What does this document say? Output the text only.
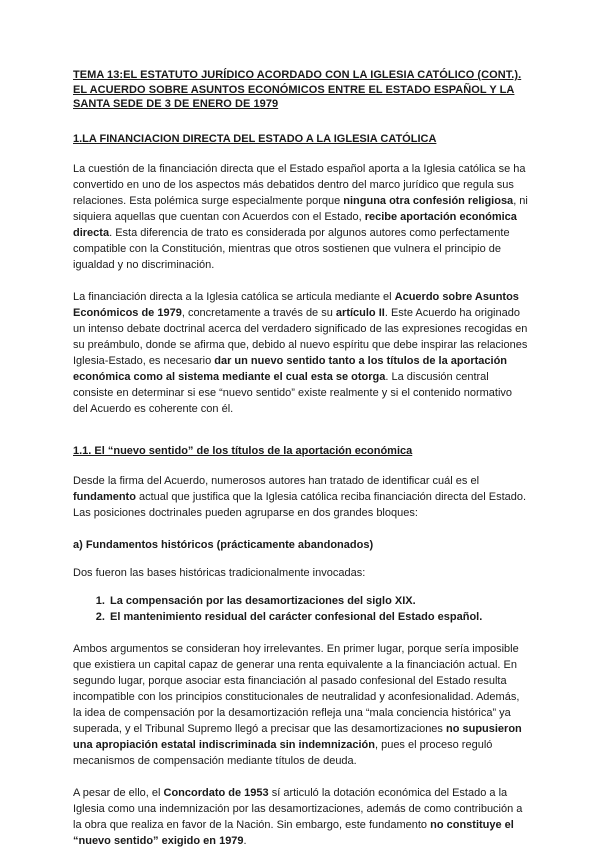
TEMA 13:EL ESTATUTO JURÍDICO ACORDADO CON LA IGLESIA CATÓLICO (CONT.). EL ACUERDO SOBRE ASUNTOS ECONÓMICOS ENTRE EL ESTADO ESPAÑOL Y LA SANTA SEDE DE 3 DE ENERO DE 1979
1.LA FINANCIACION DIRECTA DEL ESTADO A LA IGLESIA CATÓLICA

La cuestión de la financiación directa que el Estado español aporta a la Iglesia católica se ha convertido en uno de los aspectos más debatidos dentro del marco jurídico que regula sus relaciones. Esta polémica surge especialmente porque ninguna otra confesión religiosa, ni siquiera aquellas que cuentan con Acuerdos con el Estado, recibe aportación económica directa. Esta diferencia de trato es considerada por algunos autores como perfectamente compatible con la Constitución, mientras que otros sostienen que vulnera el principio de igualdad y no discriminación.

La financiación directa a la Iglesia católica se articula mediante el Acuerdo sobre Asuntos Económicos de 1979, concretamente a través de su artículo II. Este Acuerdo ha originado un intenso debate doctrinal acerca del verdadero significado de las expresiones recogidas en su preámbulo, donde se afirma que, debido al nuevo espíritu que debe inspirar las relaciones Iglesia-Estado, es necesario dar un nuevo sentido tanto a los títulos de la aportación económica como al sistema mediante el cual esta se otorga. La discusión central consiste en determinar si ese “nuevo sentido” existe realmente y si el contenido normativo del Acuerdo es coherente con él.

1.1. El “nuevo sentido” de los títulos de la aportación económica

Desde la firma del Acuerdo, numerosos autores han tratado de identificar cuál es el fundamento actual que justifica que la Iglesia católica reciba financiación directa del Estado. Las posiciones doctrinales pueden agruparse en dos grandes bloques:

a) Fundamentos históricos (prácticamente abandonados)

Dos fueron las bases históricas tradicionalmente invocadas:

1. La compensación por las desamortizaciones del siglo XIX.
2. El mantenimiento residual del carácter confesional del Estado español.

Ambos argumentos se consideran hoy irrelevantes. En primer lugar, porque sería imposible que existiera un capital capaz de generar una renta equivalente a la financiación actual. En segundo lugar, porque asociar esta financiación al pasado confesional del Estado resulta incompatible con los principios constitucionales de neutralidad y aconfesionalidad. Además, la idea de compensación por la desamortización refleja una “mala conciencia histórica” ya superada, y el Tribunal Supremo llegó a precisar que las desamortizaciones no supusieron una apropiación estatal indiscriminada sin indemnización, pues el proceso reguló mecanismos de compensación mediante títulos de deuda.

A pesar de ello, el Concordato de 1953 sí articuló la dotación económica del Estado a la Iglesia como una indemnización por las desamortizaciones, además de como contribución a la obra que realiza en favor de la Nación. Sin embargo, este fundamento no constituye el “nuevo sentido” exigido en 1979.
